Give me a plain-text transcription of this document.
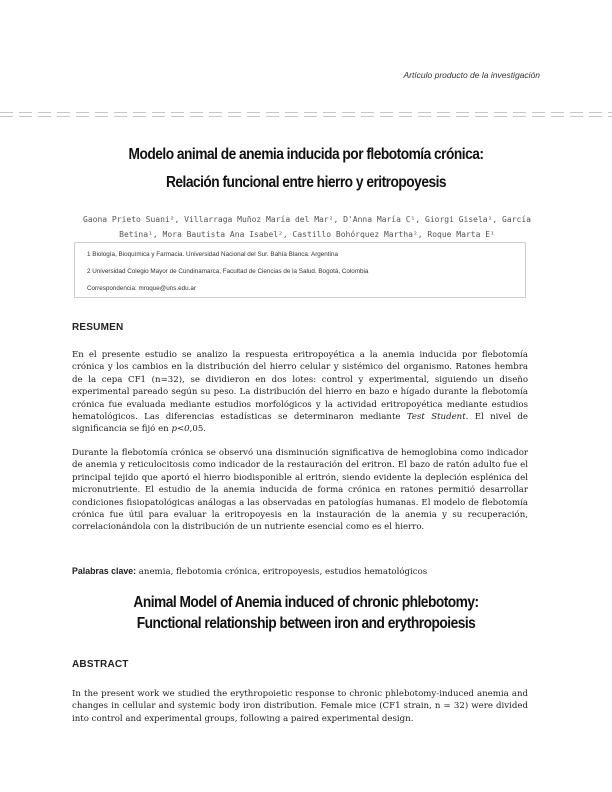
Artículo producto de la investigación
Modelo animal de anemia inducida por flebotomía crónica:
Relación funcional entre hierro y eritropoyesis
Gaona Prieto Suani², Villarraga Muñoz María del Mar², D'Anna María C¹, Giorgi Gisela¹, García
Betina¹, Mora Bautista Ana Isabel², Castillo Bohórquez Martha², Roque Marta E¹
1 Biología, Bioquímica y Farmacia. Universidad Nacional del Sur. Bahía Blanca. Argentina
2 Universidad Colegio Mayor de Cundinamarca, Facultad de Ciencias de la Salud. Bogotá, Colombia
Correspondencia: mroque@uns.edu.ar
RESUMEN
En el presente estudio se analizo la respuesta eritropoyética a la anemia inducida por flebotomía crónica y los cambios en la distribución del hierro celular y sistémico del organismo. Ratones hembra de la cepa CF1 (n=32), se dividieron en dos lotes: control y experimental, siguiendo un diseño experimental pareado según su peso. La distribución del hierro en bazo e hígado durante la flebotomía crónica fue evaluada mediante estudios morfológicos y la actividad eritropoyética mediante estudios hematológicos. Las diferencias estadísticas se determinaron mediante Test Student. El nivel de significancia se fijó en p<0,05.
Durante la flebotomía crónica se observó una disminución significativa de hemoglobina como indicador de anemia y reticulocitosis como indicador de la restauración del eritron. El bazo de ratón adulto fue el principal tejido que aportó el hierro biodisponible al eritrón, siendo evidente la depleción esplénica del micronutriente. El estudio de la anemia inducida de forma crónica en ratones permitió desarrollar condiciones fisiopatológicas análogas a las observadas en patologías humanas. El modelo de flebotomía crónica fue útil para evaluar la eritropoyesis en la instauración de la anemia y su recuperación, correlacionándola con la distribución de un nutriente esencial como es el hierro.
Palabras clave: anemia, flebotomia crónica, eritropoyesis, estudios hematológicos
Animal Model of Anemia induced of chronic phlebotomy:
Functional relationship between iron and erythropoiesis
ABSTRACT
In the present work we studied the erythropoietic response to chronic phlebotomy-induced anemia and changes in cellular and systemic body iron distribution. Female mice (CF1 strain, n = 32) were divided into control and experimental groups, following a paired experimental design.
